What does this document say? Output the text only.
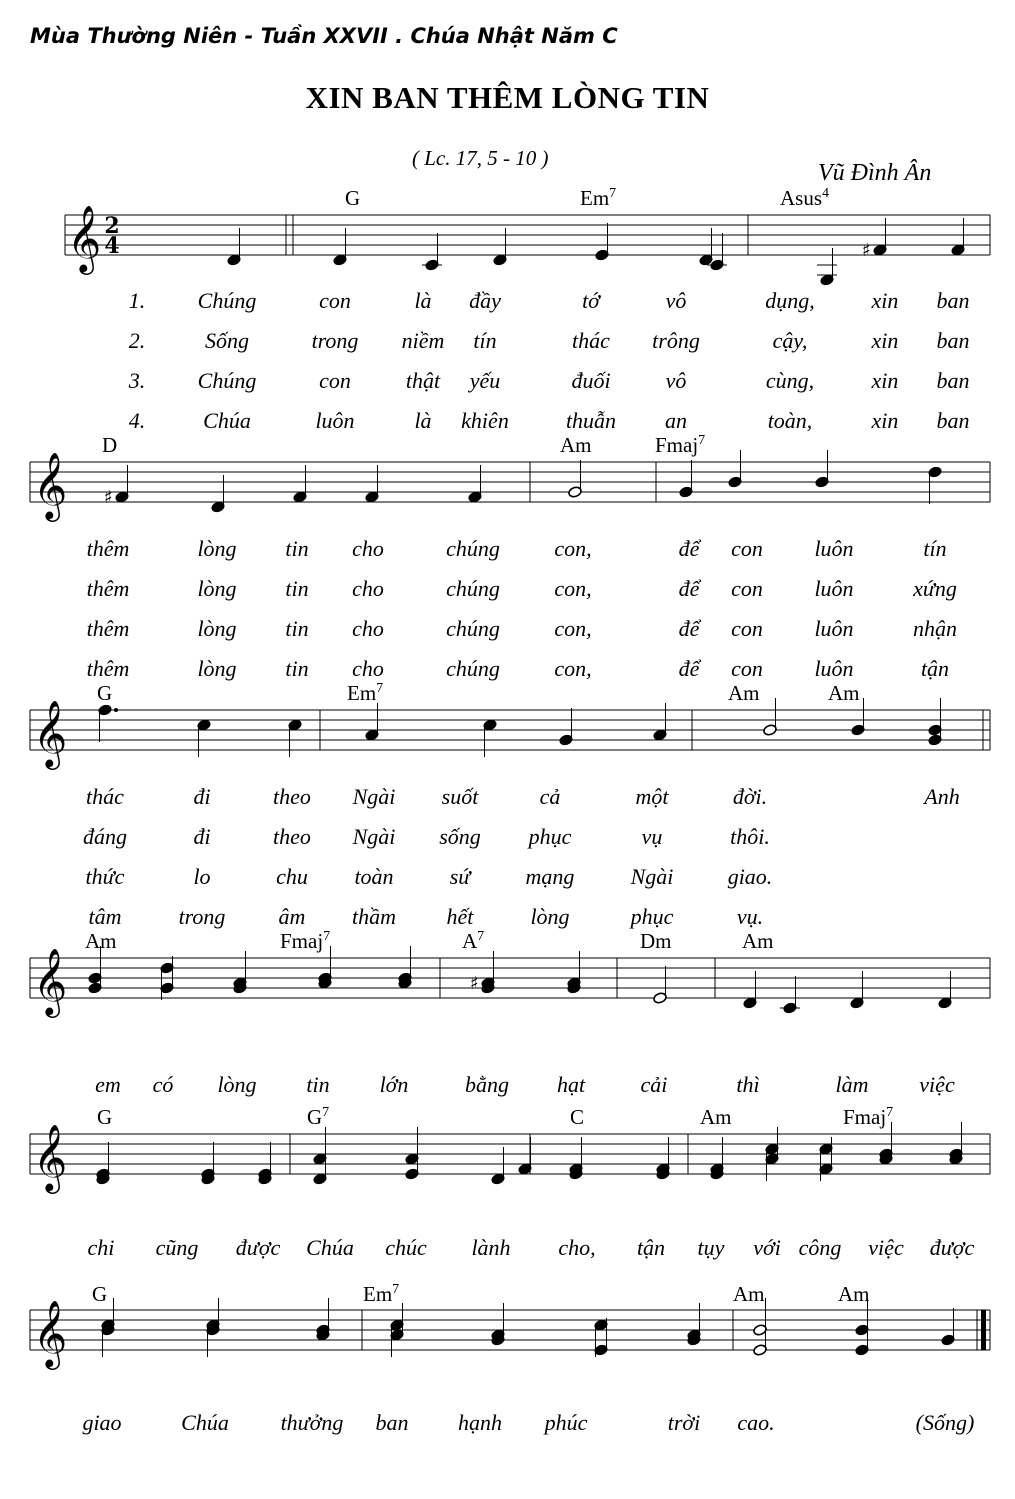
Mùa Thường Niên - Tuần XXVII . Chúa Nhật Năm C
XIN BAN THÊM LÒNG TIN
( Lc. 17, 5 - 10 )
Vũ Đình Ân
𝄞 2
4	♯
G	Em$^7$	Asus$^4$
1. Chúng	con	là đầy	tớ	vô	dụng,	xin ban
2.	Sống	trong niềm tín	thác trông	cậy,	xin ban
3. Chúng	con	thật yếu	đuối	vô	cùng,	xin ban
4.	Chúa	luôn	là khiên	thuẫn an	toàn,	xin ban
𝄞 ♯
D	Am	Fmaj$^7$
thêm	lòng tin cho	chúng con,	để con luôn	tín
thêm	lòng tin cho	chúng con,	để con luôn	xứng
thêm	lòng tin cho	chúng con,	để con luôn	nhận
thêm	lòng tin cho	chúng con,	để con luôn	tận
𝄞
G	Em$^7$	Am	Am
thác	đi	theo Ngài suốt	cả	một	đời.	Anh
đáng	đi	theo Ngài sống phục	vụ	thôi.
thức	lo	chu toàn	sứ	mạng	Ngài giao.
tâm	trong âm thầm hết	lòng	phục	vụ.
𝄞	♯
Am	Fmaj$^7$	$A^7$	Dm	Am
em có lòng tin lớn	bằng hạt	cải	thì	làm việc
𝄞
G	$G^7$	C	Am	Fmaj$^7$
chi cũng được Chúa chúc lành cho, tận tụy với công việc được
𝄞
G	Em$^7$	Am	Am
giao	Chúa thưởng ban hạnh phúc	trời cao.	(Sống)
